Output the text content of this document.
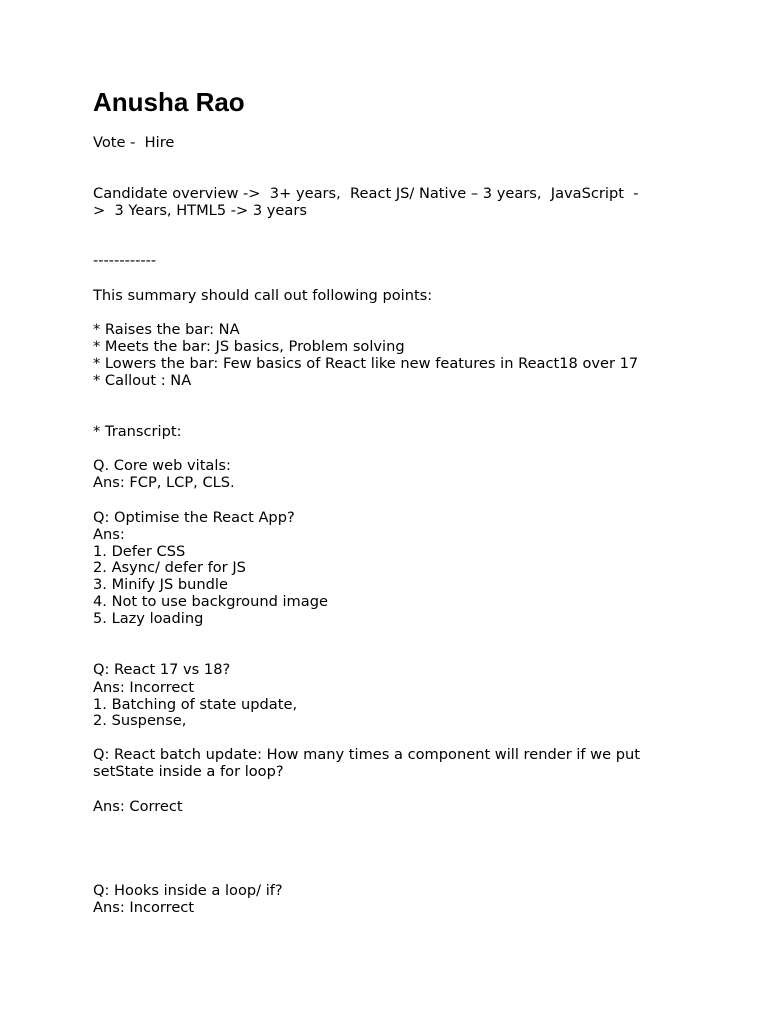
Anusha Rao

Vote -  Hire

Candidate overview ->  3+ years,  React JS/ Native – 3 years,  JavaScript  -

>  3 Years, HTML5 -> 3 years

------------

This summary should call out following points:

* Raises the bar: NA

* Meets the bar: JS basics, Problem solving

* Lowers the bar: Few basics of React like new features in React18 over 17

* Callout : NA

* Transcript:

Q. Core web vitals:

Ans: FCP, LCP, CLS.

Q: Optimise the React App?

Ans:

1. Defer CSS

2. Async/ defer for JS

3. Minify JS bundle

4. Not to use background image

5. Lazy loading

Q: React 17 vs 18?

Ans: Incorrect

1. Batching of state update,

2. Suspense,

Q: React batch update: How many times a component will render if we put

setState inside a for loop?

Ans: Correct

Q: Hooks inside a loop/ if?

Ans: Incorrect
